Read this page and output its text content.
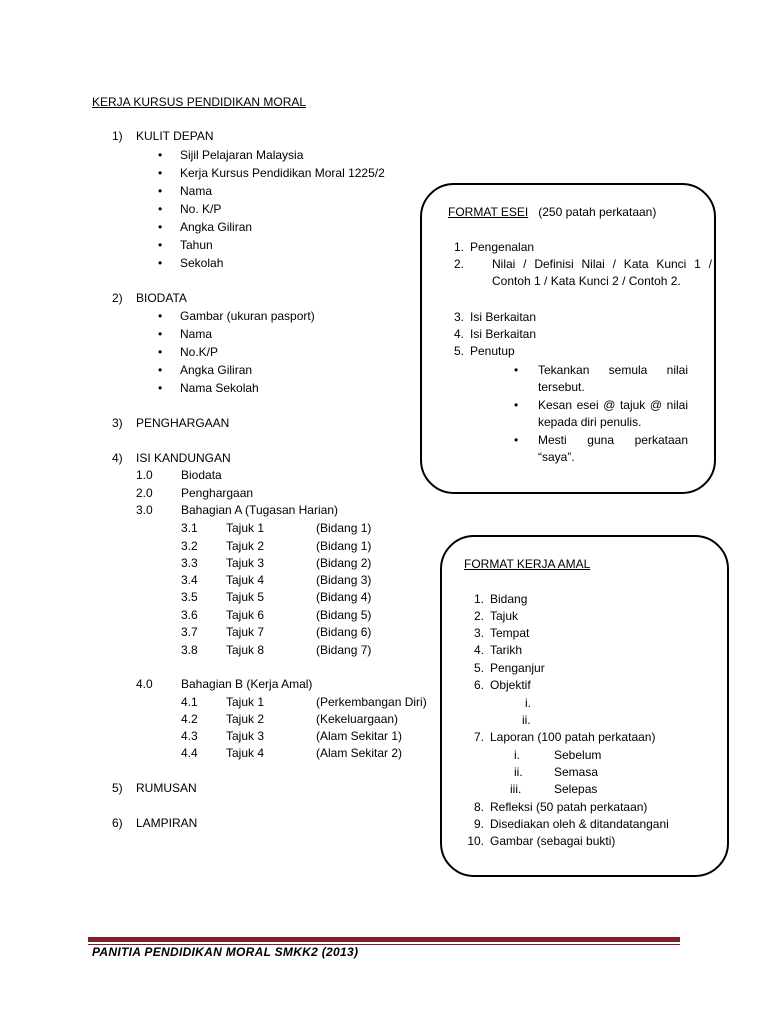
KERJA KURSUS PENDIDIKAN MORAL
1) KULIT DEPAN
• Sijil Pelajaran Malaysia
• Kerja Kursus Pendidikan Moral 1225/2
• Nama
• No. K/P
• Angka Giliran
• Tahun
• Sekolah
2) BIODATA
• Gambar (ukuran pasport)
• Nama
• No.K/P
• Angka Giliran
• Nama Sekolah
3) PENGHARGAAN
4) ISI KANDUNGAN
1.0 Biodata
2.0 Penghargaan
3.0 Bahagian A (Tugasan Harian)
3.1 Tajuk 1	(Bidang 1)
3.2 Tajuk 2	(Bidang 1)
3.3 Tajuk 3	(Bidang 2)
3.4 Tajuk 4	(Bidang 3)
3.5 Tajuk 5	(Bidang 4)
3.6 Tajuk 6	(Bidang 5)
3.7 Tajuk 7	(Bidang 6)
3.8 Tajuk 8	(Bidang 7)
4.0 Bahagian B (Kerja Amal)
4.1 Tajuk 1	(Perkembangan Diri)
4.2 Tajuk 2	(Kekeluargaan)
4.3 Tajuk 3	(Alam Sekitar 1)
4.4 Tajuk 4	(Alam Sekitar 2)
5) RUMUSAN
6) LAMPIRAN
FORMAT ESEI (250 patah perkataan)
1. Pengenalan
2. Nilai / Definisi Nilai / Kata Kunci 1 / Contoh 1 / Kata Kunci 2 / Contoh 2.
3. Isi Berkaitan
4. Isi Berkaitan
5. Penutup
• Tekankan semula nilai tersebut.
• Kesan esei @ tajuk @ nilai kepada diri penulis.
• Mesti guna perkataan “saya”.
FORMAT KERJA AMAL
1. Bidang
2. Tajuk
3. Tempat
4. Tarikh
5. Penganjur
6. Objektif
i.
ii.
7. Laporan (100 patah perkataan)
i.	Sebelum
ii.	Semasa
iii.	Selepas
8. Refleksi (50 patah perkataan)
9. Disediakan oleh & ditandatangani
10. Gambar (sebagai bukti)
PANITIA PENDIDIKAN MORAL SMKK2 (2013)
